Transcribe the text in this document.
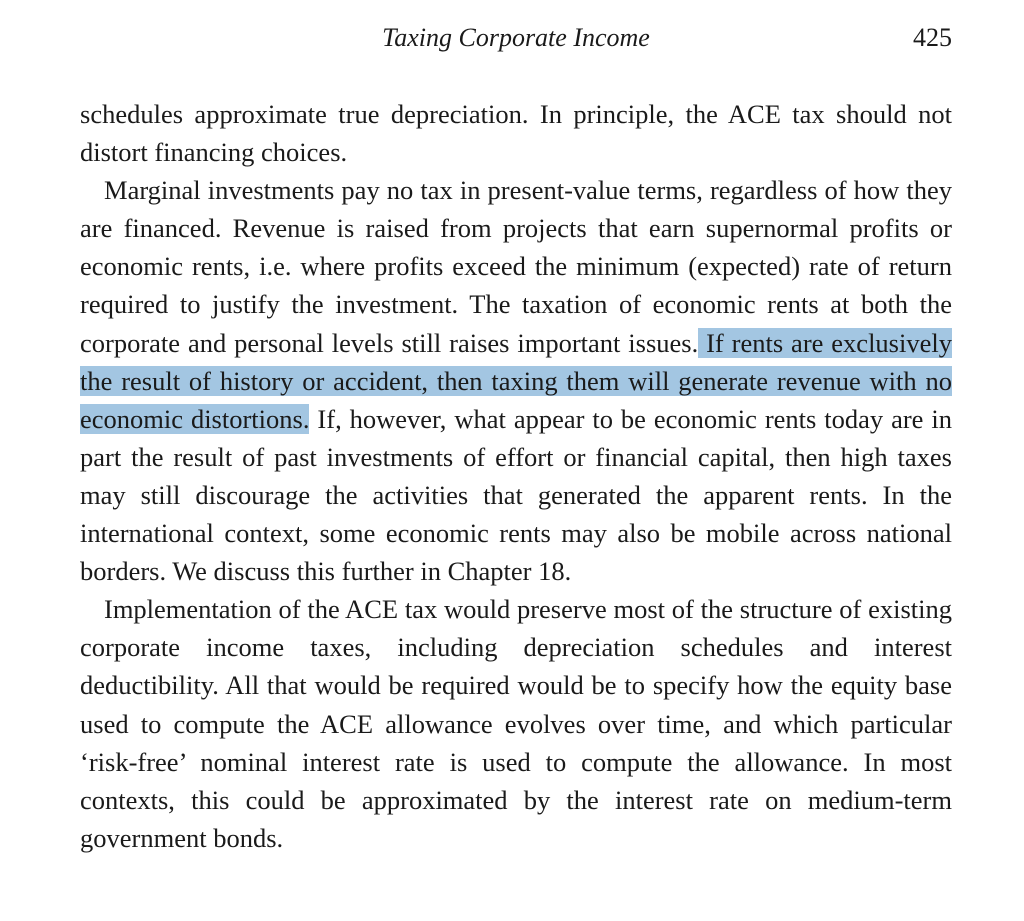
Taxing Corporate Income	425

schedules approximate true depreciation. In principle, the ACE tax should not distort financing choices.

Marginal investments pay no tax in present-value terms, regardless of how they are financed. Revenue is raised from projects that earn supernormal profits or economic rents, i.e. where profits exceed the minimum (expected) rate of return required to justify the investment. The taxation of economic rents at both the corporate and personal levels still raises important issues. If rents are exclusively the result of history or accident, then taxing them will generate revenue with no economic distortions. If, however, what appear to be economic rents today are in part the result of past investments of effort or financial capital, then high taxes may still discourage the activities that generated the apparent rents. In the international context, some economic rents may also be mobile across national borders. We discuss this further in Chapter 18.

Implementation of the ACE tax would preserve most of the structure of existing corporate income taxes, including depreciation schedules and interest deductibility. All that would be required would be to specify how the equity base used to compute the ACE allowance evolves over time, and which particular ‘risk-free’ nominal interest rate is used to compute the allowance. In most contexts, this could be approximated by the interest rate on medium-term government bonds.
